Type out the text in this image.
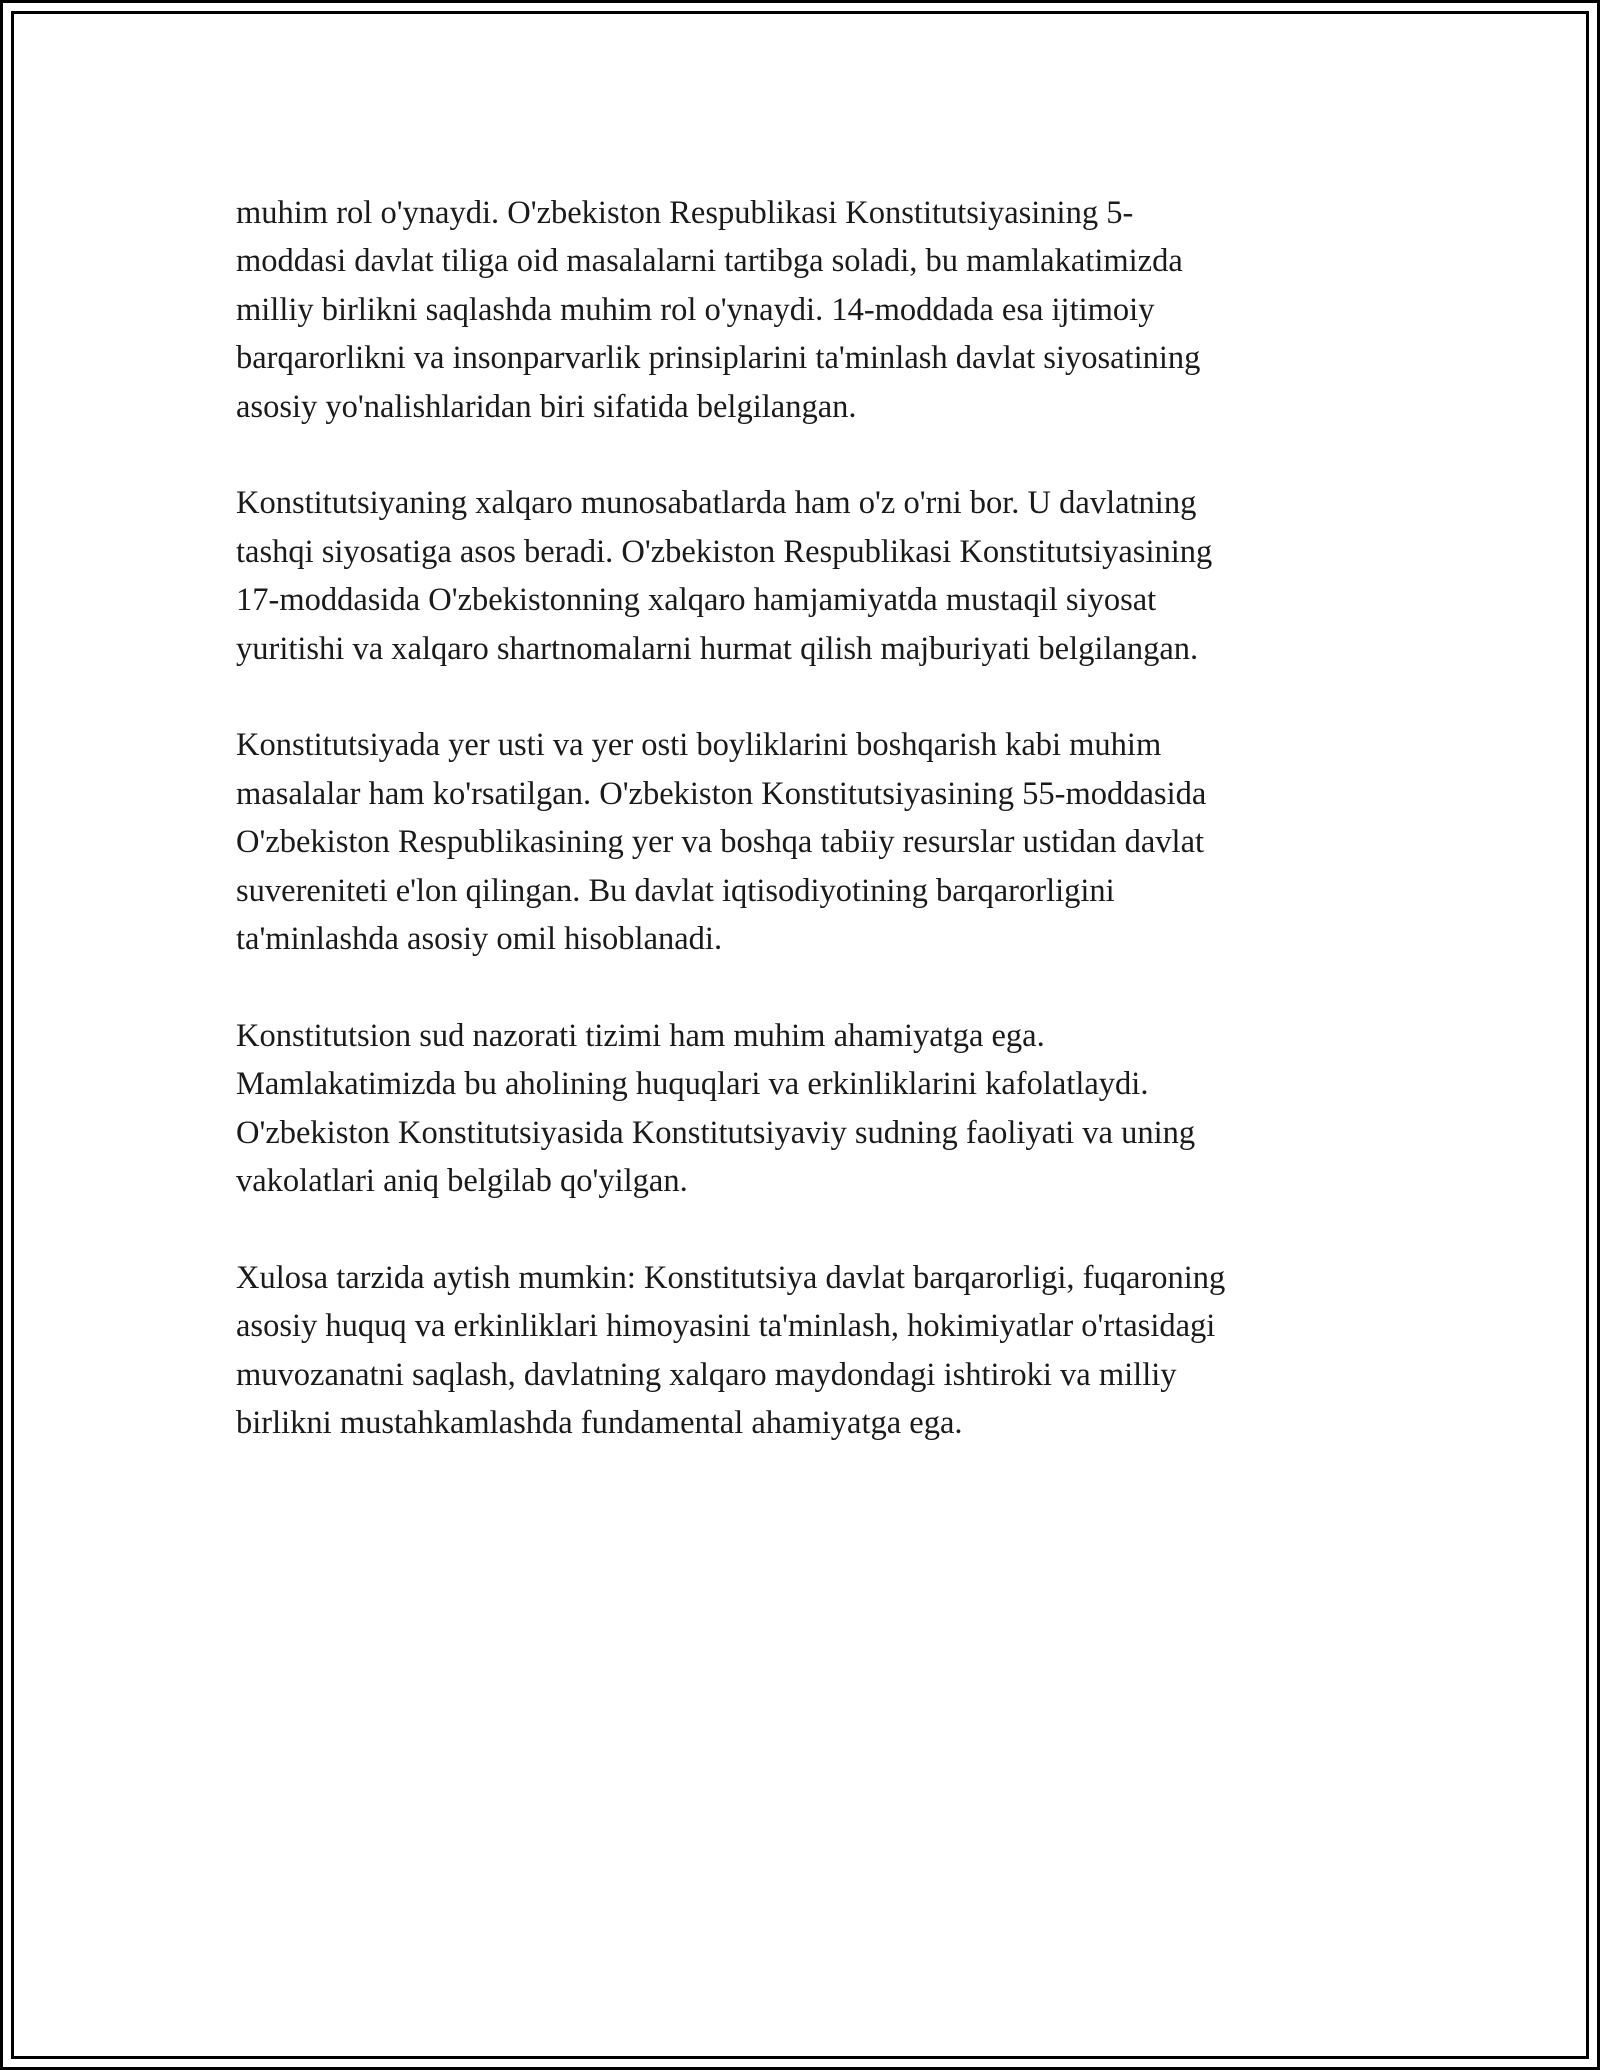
muhim rol o'ynaydi. O'zbekiston Respublikasi Konstitutsiyasining 5-
moddasi davlat tiliga oid masalalarni tartibga soladi, bu mamlakatimizda
milliy birlikni saqlashda muhim rol o'ynaydi. 14-moddada esa ijtimoiy
barqarorlikni va insonparvarlik prinsiplarini ta'minlash davlat siyosatining
asosiy yo'nalishlaridan biri sifatida belgilangan.

Konstitutsiyaning xalqaro munosabatlarda ham o'z o'rni bor. U davlatning
tashqi siyosatiga asos beradi. O'zbekiston Respublikasi Konstitutsiyasining
17-moddasida O'zbekistonning xalqaro hamjamiyatda mustaqil siyosat
yuritishi va xalqaro shartnomalarni hurmat qilish majburiyati belgilangan.

Konstitutsiyada yer usti va yer osti boyliklarini boshqarish kabi muhim
masalalar ham ko'rsatilgan. O'zbekiston Konstitutsiyasining 55-moddasida
O'zbekiston Respublikasining yer va boshqa tabiiy resurslar ustidan davlat
suvereniteti e'lon qilingan. Bu davlat iqtisodiyotining barqarorligini
ta'minlashda asosiy omil hisoblanadi.

Konstitutsion sud nazorati tizimi ham muhim ahamiyatga ega.
Mamlakatimizda bu aholining huquqlari va erkinliklarini kafolatlaydi.
O'zbekiston Konstitutsiyasida Konstitutsiyaviy sudning faoliyati va uning
vakolatlari aniq belgilab qo'yilgan.

Xulosa tarzida aytish mumkin: Konstitutsiya davlat barqarorligi, fuqaroning
asosiy huquq va erkinliklari himoyasini ta'minlash, hokimiyatlar o'rtasidagi
muvozanatni saqlash, davlatning xalqaro maydondagi ishtiroki va milliy
birlikni mustahkamlashda fundamental ahamiyatga ega.
